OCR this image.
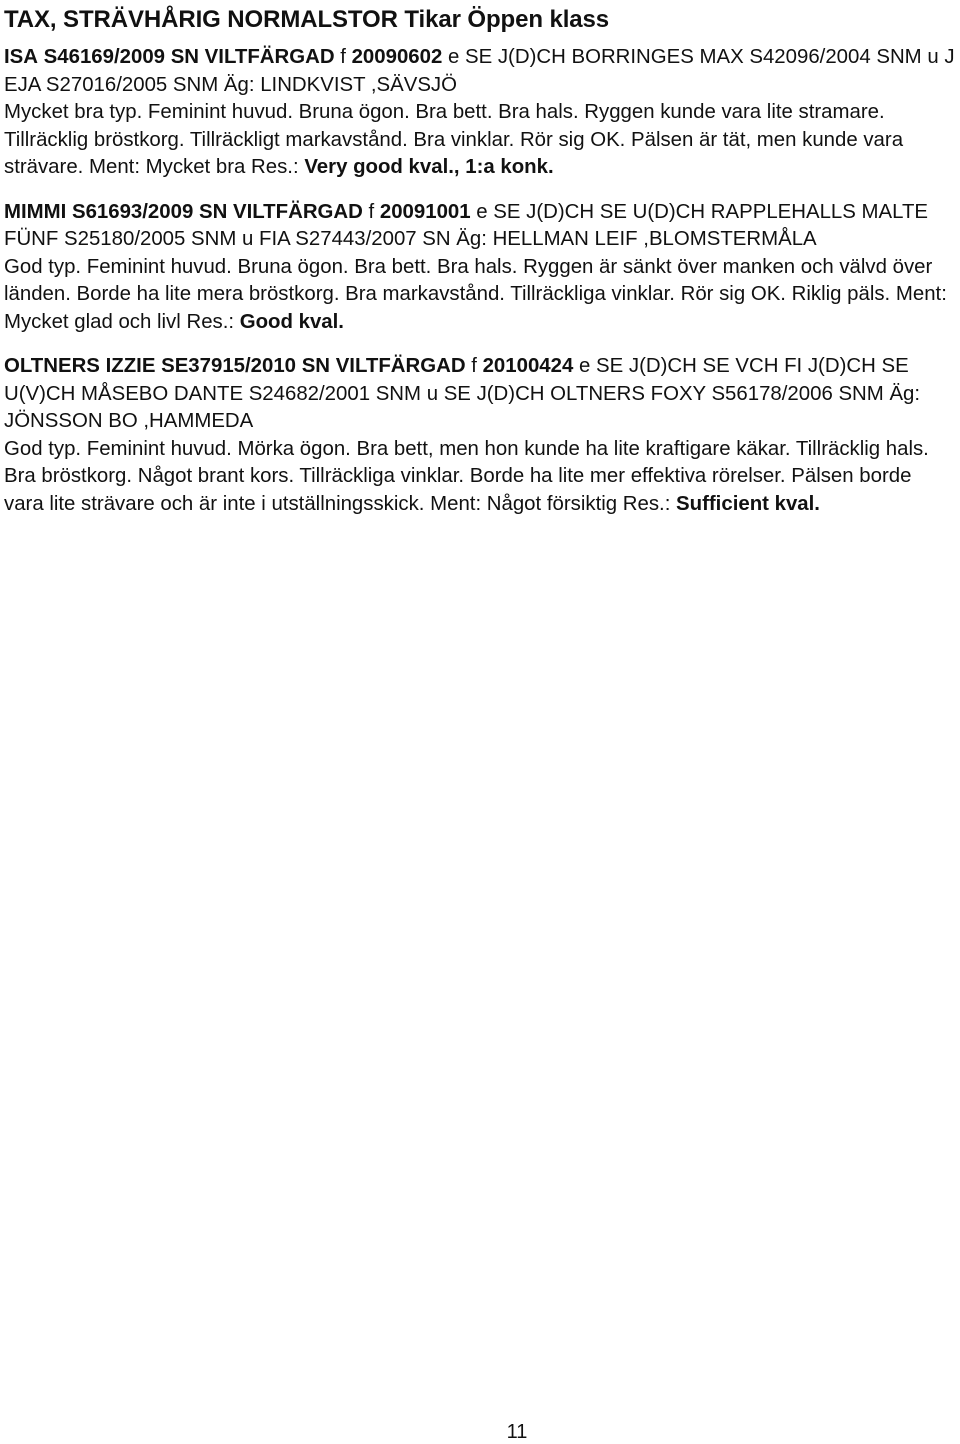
TAX, STRÄVHÅRIG NORMALSTOR Tikar Öppen klass

ISA S46169/2009 SN VILTFÄRGAD f 20090602 e SE J(D)CH BORRINGES MAX S42096/2004 SNM u J EJA S27016/2005 SNM Äg: LINDKVIST ,SÄVSJÖ
Mycket bra typ. Feminint huvud. Bruna ögon. Bra bett. Bra hals. Ryggen kunde vara lite stramare. Tillräcklig bröstkorg. Tillräckligt markavstånd. Bra vinklar. Rör sig OK. Pälsen är tät, men kunde vara strävare. Ment: Mycket bra Res.: Very good kval., 1:a konk.

MIMMI S61693/2009 SN VILTFÄRGAD f 20091001 e SE J(D)CH SE U(D)CH RAPPLEHALLS MALTE FÜNF S25180/2005 SNM u FIA S27443/2007 SN Äg: HELLMAN LEIF ,BLOMSTERMÅLA
God typ. Feminint huvud. Bruna ögon. Bra bett. Bra hals. Ryggen är sänkt över manken och välvd över länden. Borde ha lite mera bröstkorg. Bra markavstånd. Tillräckliga vinklar. Rör sig OK. Riklig päls. Ment: Mycket glad och livl Res.: Good kval.

OLTNERS IZZIE SE37915/2010 SN VILTFÄRGAD f 20100424 e SE J(D)CH SE VCH FI J(D)CH SE U(V)CH MÅSEBO DANTE S24682/2001 SNM u SE J(D)CH OLTNERS FOXY S56178/2006 SNM Äg: JÖNSSON BO ,HAMMEDA
God typ. Feminint huvud. Mörka ögon. Bra bett, men hon kunde ha lite kraftigare käkar. Tillräcklig hals. Bra bröstkorg. Något brant kors. Tillräckliga vinklar. Borde ha lite mer effektiva rörelser. Pälsen borde vara lite strävare och är inte i utställningsskick. Ment: Något försiktig Res.: Sufficient kval.

11
